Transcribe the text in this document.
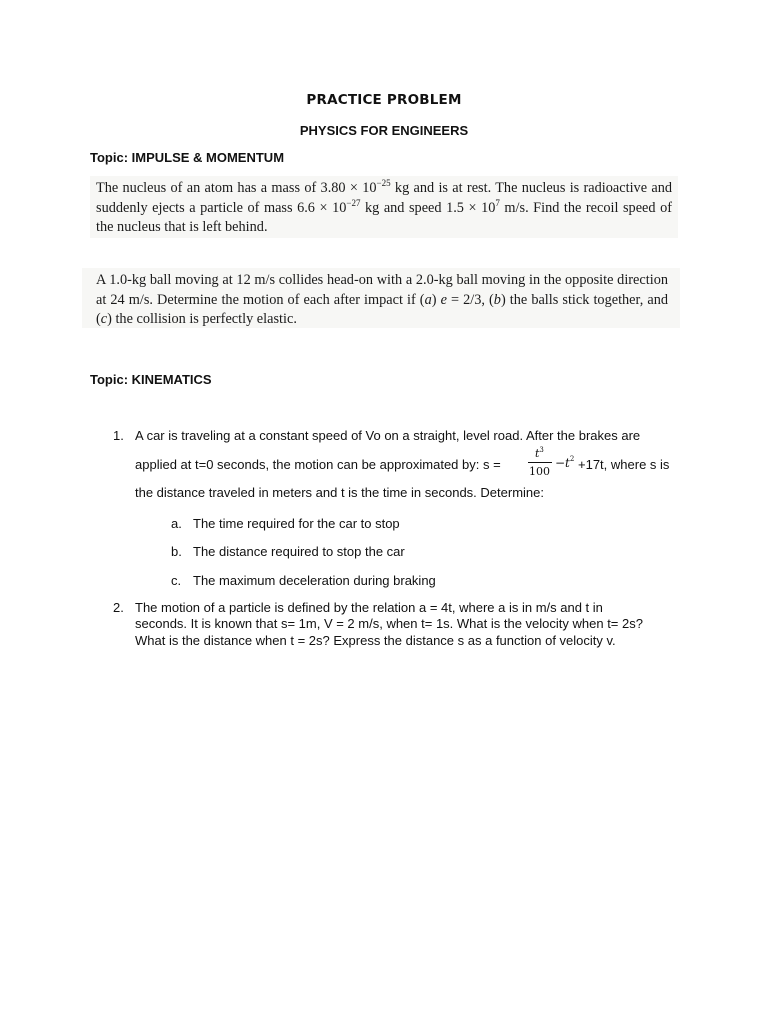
PRACTICE PROBLEM
PHYSICS FOR ENGINEERS
Topic: IMPULSE & MOMENTUM
The nucleus of an atom has a mass of $3.80 \times 10^{-25}$ kg and is at rest. The nucleus is radioactive and suddenly ejects a particle of mass $6.6 \times 10^{-27}$ kg and speed $1.5 \times 10^7$ m/s. Find the recoil speed of the nucleus that is left behind.
A 1.0-kg ball moving at 12 m/s collides head-on with a 2.0-kg ball moving in the opposite direction at 24 m/s. Determine the motion of each after impact if (a) e = 2/3, (b) the balls stick together, and (c) the collision is perfectly elastic.
Topic: KINEMATICS
1. A car is traveling at a constant speed of Vo on a straight, level road. After the brakes are
applied at t=0 seconds, the motion can be approximated by: s =
$t^3$
100
$-t^2 +17t$, where s is
the distance traveled in meters and t is the time in seconds. Determine:
a. The time required for the car to stop
b. The distance required to stop the car
c. The maximum deceleration during braking
2. The motion of a particle is defined by the relation a = 4t, where a is in m/s and t in
seconds. It is known that s= 1m, V = 2 m/s, when t= 1s. What is the velocity when t= 2s?
What is the distance when t = 2s? Express the distance s as a function of velocity v.
